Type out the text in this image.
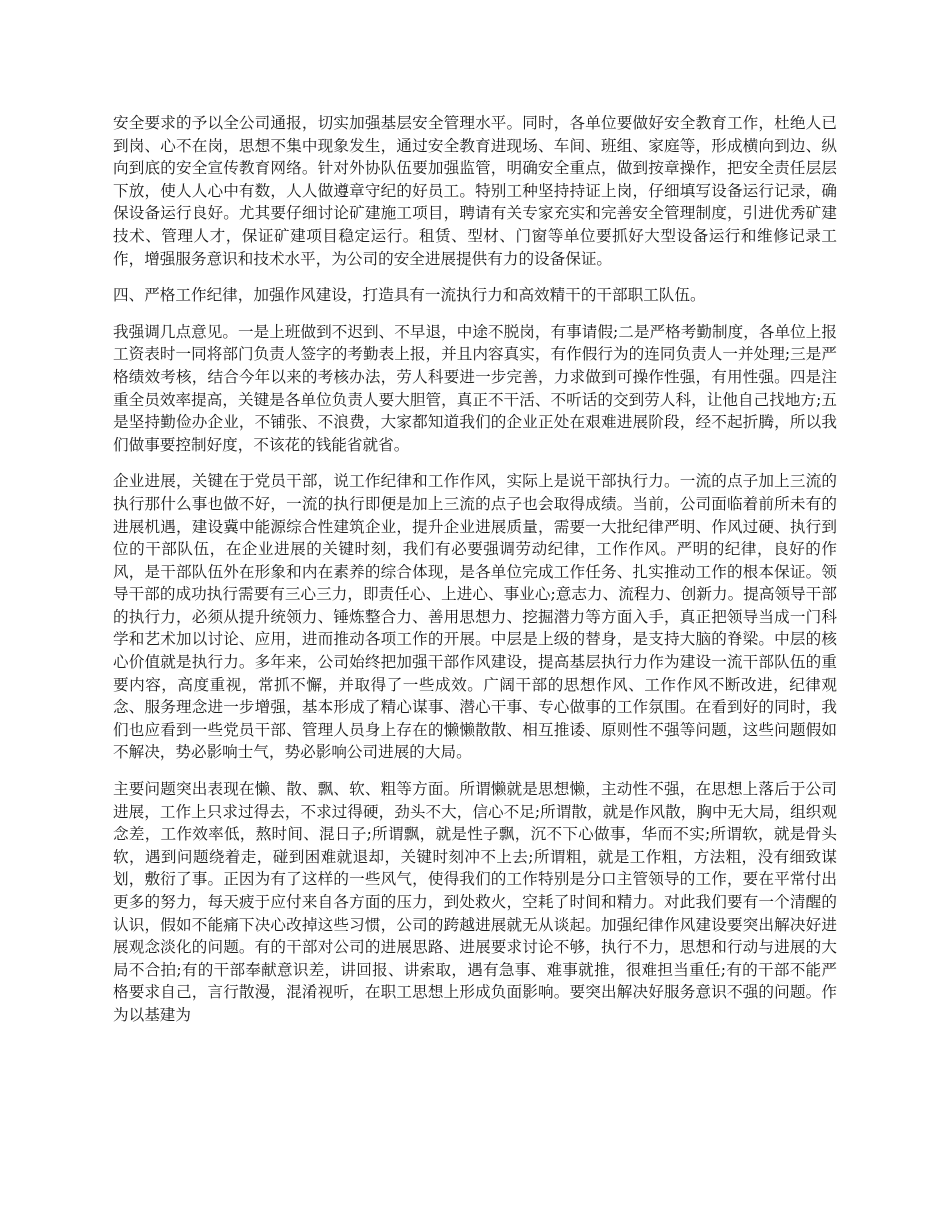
安全要求的予以全公司通报，切实加强基层安全管理水平。同时，各单位要做好安全教育工作，杜绝人已到岗、心不在岗，思想不集中现象发生，通过安全教育进现场、车间、班组、家庭等，形成横向到边、纵向到底的安全宣传教育网络。针对外协队伍要加强监管，明确安全重点，做到按章操作，把安全责任层层下放，使人人心中有数，人人做遵章守纪的好员工。特别工种坚持持证上岗，仔细填写设备运行记录，确保设备运行良好。尤其要仔细讨论矿建施工项目，聘请有关专家充实和完善安全管理制度，引进优秀矿建技术、管理人才，保证矿建项目稳定运行。租赁、型材、门窗等单位要抓好大型设备运行和维修记录工作，增强服务意识和技术水平，为公司的安全进展提供有力的设备保证。

四、严格工作纪律，加强作风建设，打造具有一流执行力和高效精干的干部职工队伍。

我强调几点意见。一是上班做到不迟到、不早退，中途不脱岗，有事请假;二是严格考勤制度，各单位上报工资表时一同将部门负责人签字的考勤表上报，并且内容真实，有作假行为的连同负责人一并处理;三是严格绩效考核，结合今年以来的考核办法，劳人科要进一步完善，力求做到可操作性强，有用性强。四是注重全员效率提高，关键是各单位负责人要大胆管，真正不干活、不听话的交到劳人科，让他自己找地方;五是坚持勤俭办企业，不铺张、不浪费，大家都知道我们的企业正处在艰难进展阶段，经不起折腾，所以我们做事要控制好度，不该花的钱能省就省。

企业进展，关键在于党员干部，说工作纪律和工作作风，实际上是说干部执行力。一流的点子加上三流的执行那什么事也做不好，一流的执行即便是加上三流的点子也会取得成绩。当前，公司面临着前所未有的进展机遇，建设冀中能源综合性建筑企业，提升企业进展质量，需要一大批纪律严明、作风过硬、执行到位的干部队伍，在企业进展的关键时刻，我们有必要强调劳动纪律，工作作风。严明的纪律，良好的作风，是干部队伍外在形象和内在素养的综合体现，是各单位完成工作任务、扎实推动工作的根本保证。领导干部的成功执行需要有三心三力，即责任心、上进心、事业心;意志力、流程力、创新力。提高领导干部的执行力，必须从提升统领力、锤炼整合力、善用思想力、挖掘潜力等方面入手，真正把领导当成一门科学和艺术加以讨论、应用，进而推动各项工作的开展。中层是上级的替身，是支持大脑的脊梁。中层的核心价值就是执行力。多年来，公司始终把加强干部作风建设，提高基层执行力作为建设一流干部队伍的重要内容，高度重视，常抓不懈，并取得了一些成效。广阔干部的思想作风、工作作风不断改进，纪律观念、服务理念进一步增强，基本形成了精心谋事、潜心干事、专心做事的工作氛围。在看到好的同时，我们也应看到一些党员干部、管理人员身上存在的懒懒散散、相互推诿、原则性不强等问题，这些问题假如不解决，势必影响士气，势必影响公司进展的大局。

主要问题突出表现在懒、散、飘、软、粗等方面。所谓懒就是思想懒，主动性不强，在思想上落后于公司进展，工作上只求过得去，不求过得硬，劲头不大，信心不足;所谓散，就是作风散，胸中无大局，组织观念差，工作效率低，熬时间、混日子;所谓飘，就是性子飘，沉不下心做事，华而不实;所谓软，就是骨头软，遇到问题绕着走，碰到困难就退却，关键时刻冲不上去;所谓粗，就是工作粗，方法粗，没有细致谋划，敷衍了事。正因为有了这样的一些风气，使得我们的工作特别是分口主管领导的工作，要在平常付出更多的努力，每天疲于应付来自各方面的压力，到处救火，空耗了时间和精力。对此我们要有一个清醒的认识，假如不能痛下决心改掉这些习惯，公司的跨越进展就无从谈起。加强纪律作风建设要突出解决好进展观念淡化的问题。有的干部对公司的进展思路、进展要求讨论不够，执行不力，思想和行动与进展的大局不合拍;有的干部奉献意识差，讲回报、讲索取，遇有急事、难事就推，很难担当重任;有的干部不能严格要求自己，言行散漫，混淆视听，在职工思想上形成负面影响。要突出解决好服务意识不强的问题。作为以基建为
